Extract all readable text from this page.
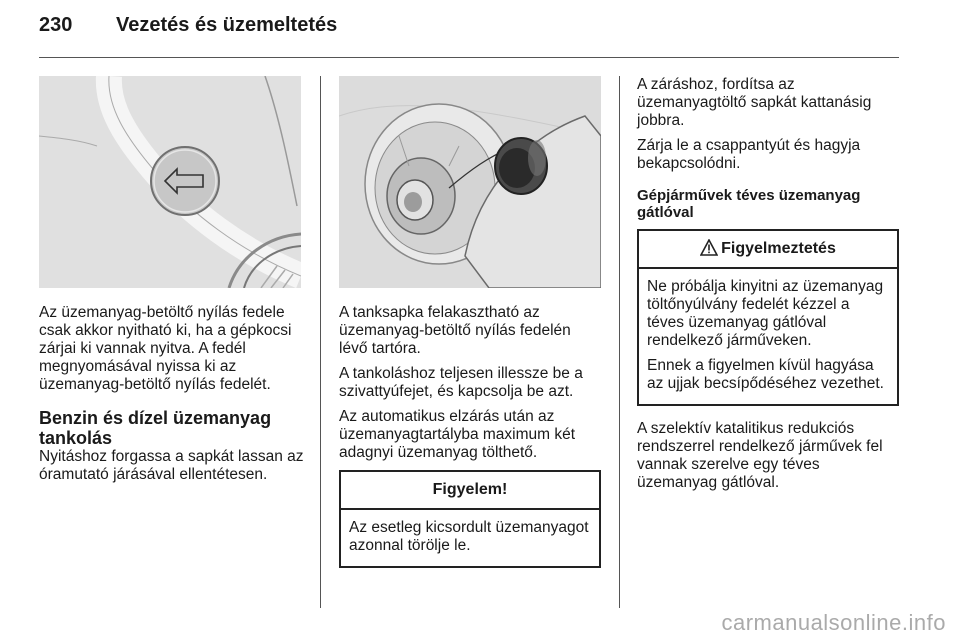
230 Vezetés és üzemeltetés

Az üzemanyag-betöltő nyílás fedele csak akkor nyitható ki, ha a gépkocsi zárjai ki vannak nyitva. A fedél megnyomásával nyissa ki az üzemanyag-betöltő nyílás fedelét.

Benzin és dízel üzemanyag tankolás

Nyitáshoz forgassa a sapkát lassan az óramutató járásával ellentétesen.

A tanksapka felakasztható az üzemanyag-betöltő nyílás fedelén lévő tartóra.

A tankoláshoz teljesen illessze be a szivattyúfejet, és kapcsolja be azt.

Az automatikus elzárás után az üzemanyagtartályba maximum két adagnyi üzemanyag tölthető.

Figyelem!

Az esetleg kicsordult üzemanyagot azonnal törölje le.

A záráshoz, fordítsa az üzemanyagtöltő sapkát kattanásig jobbra.

Zárja le a csappantyút és hagyja bekapcsolódni.

Gépjárművek téves üzemanyag gátlóval
Figyelmeztetés

Ne próbálja kinyitni az üzemanyag töltőnyúlvány fedelét kézzel a téves üzemanyag gátlóval rendelkező járműveken.

Ennek a figyelmen kívül hagyása az ujjak becsípődéséhez vezethet.

A szelektív katalitikus redukciós rendszerrel rendelkező járművek fel vannak szerelve egy téves üzemanyag gátlóval.

carmanualsonline.info
